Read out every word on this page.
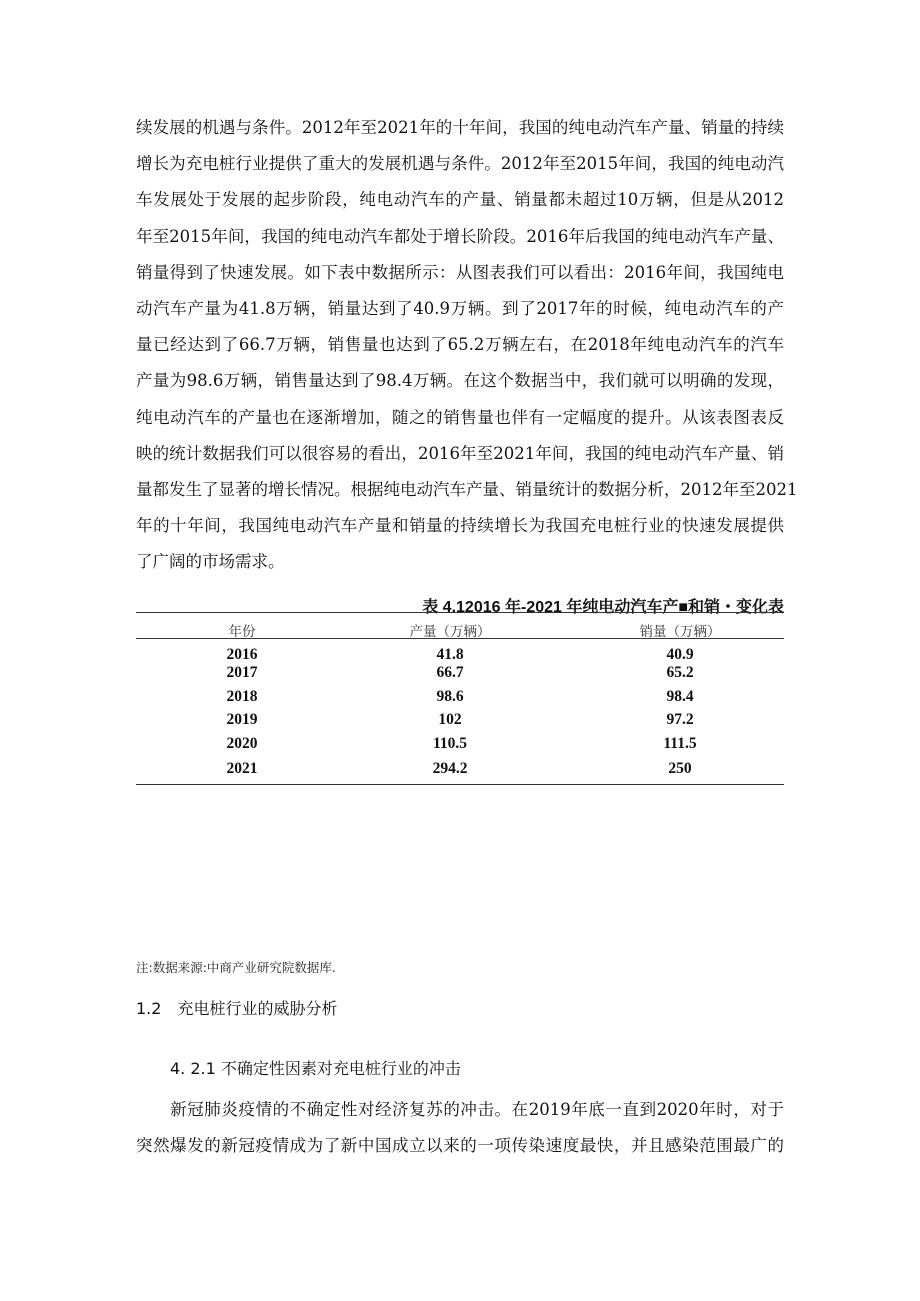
续发展的机遇与条件。2012年至2021年的十年间，我国的纯电动汽车产量、销量的持续
增长为充电桩行业提供了重大的发展机遇与条件。2012年至2015年间，我国的纯电动汽
车发展处于发展的起步阶段，纯电动汽车的产量、销量都未超过10万辆，但是从2012
年至2015年间，我国的纯电动汽车都处于增长阶段。2016年后我国的纯电动汽车产量、
销量得到了快速发展。如下表中数据所示：从图表我们可以看出：2016年间，我国纯电
动汽车产量为41.8万辆，销量达到了40.9万辆。到了2017年的时候，纯电动汽车的产
量已经达到了66.7万辆，销售量也达到了65.2万辆左右，在2018年纯电动汽车的汽车
产量为98.6万辆，销售量达到了98.4万辆。在这个数据当中，我们就可以明确的发现，
纯电动汽车的产量也在逐渐增加，随之的销售量也伴有一定幅度的提升。从该表图表反
映的统计数据我们可以很容易的看出，2016年至2021年间，我国的纯电动汽车产量、销
量都发生了显著的增长情况。根据纯电动汽车产量、销量统计的数据分析，2012年至2021
年的十年间，我国纯电动汽车产量和销量的持续增长为我国充电桩行业的快速发展提供
了广阔的市场需求。
表 4.12016 年-2021 年纯电动汽车产■和销・变化表
年份	产量（万辆）	销量（万辆）
2016	41.8	40.9
2017	66.7	65.2
2018	98.6	98.4
2019	102	97.2
2020	110.5	111.5
2021	294.2	250
注:数据来源:中商产业研究院数据库.
1.2　充电桩行业的威胁分析
4. 2.1 不确定性因素对充电桩行业的冲击
　　新冠肺炎疫情的不确定性对经济复苏的冲击。在2019年底一直到2020年时，对于
突然爆发的新冠疫情成为了新中国成立以来的一项传染速度最快，并且感染范围最广的
